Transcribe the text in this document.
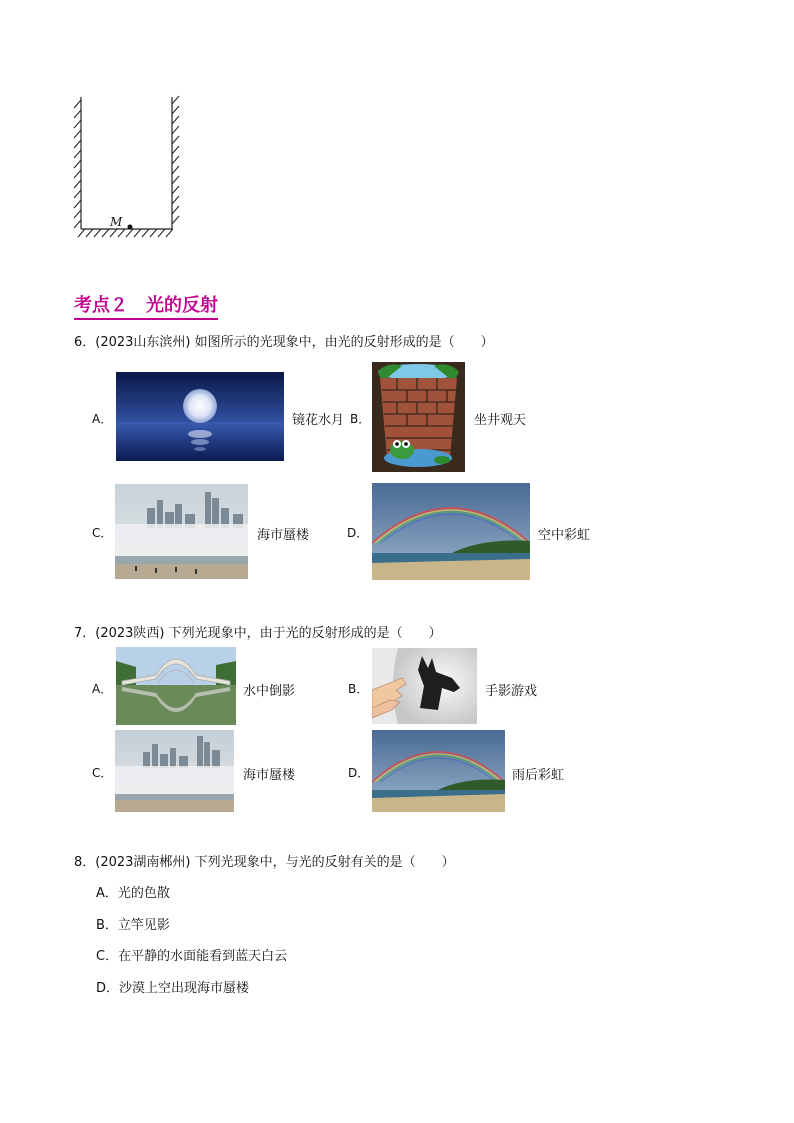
M
考点２　光的反射
6．(2023山东滨州) 如图所示的光现象中，由光的反射形成的是（　　）
A．	镜花水月 B．	坐井观天
C．	海市蜃楼	D．	空中彩虹
7．(2023陕西) 下列光现象中，由于光的反射形成的是（　　）
A．	水中倒影	B．	手影游戏
C．	海市蜃楼	D．	雨后彩虹
8．(2023湖南郴州) 下列光现象中，与光的反射有关的是（　　）
A．光的色散
B．立竿见影
C．在平静的水面能看到蓝天白云
D．沙漠上空出现海市蜃楼
